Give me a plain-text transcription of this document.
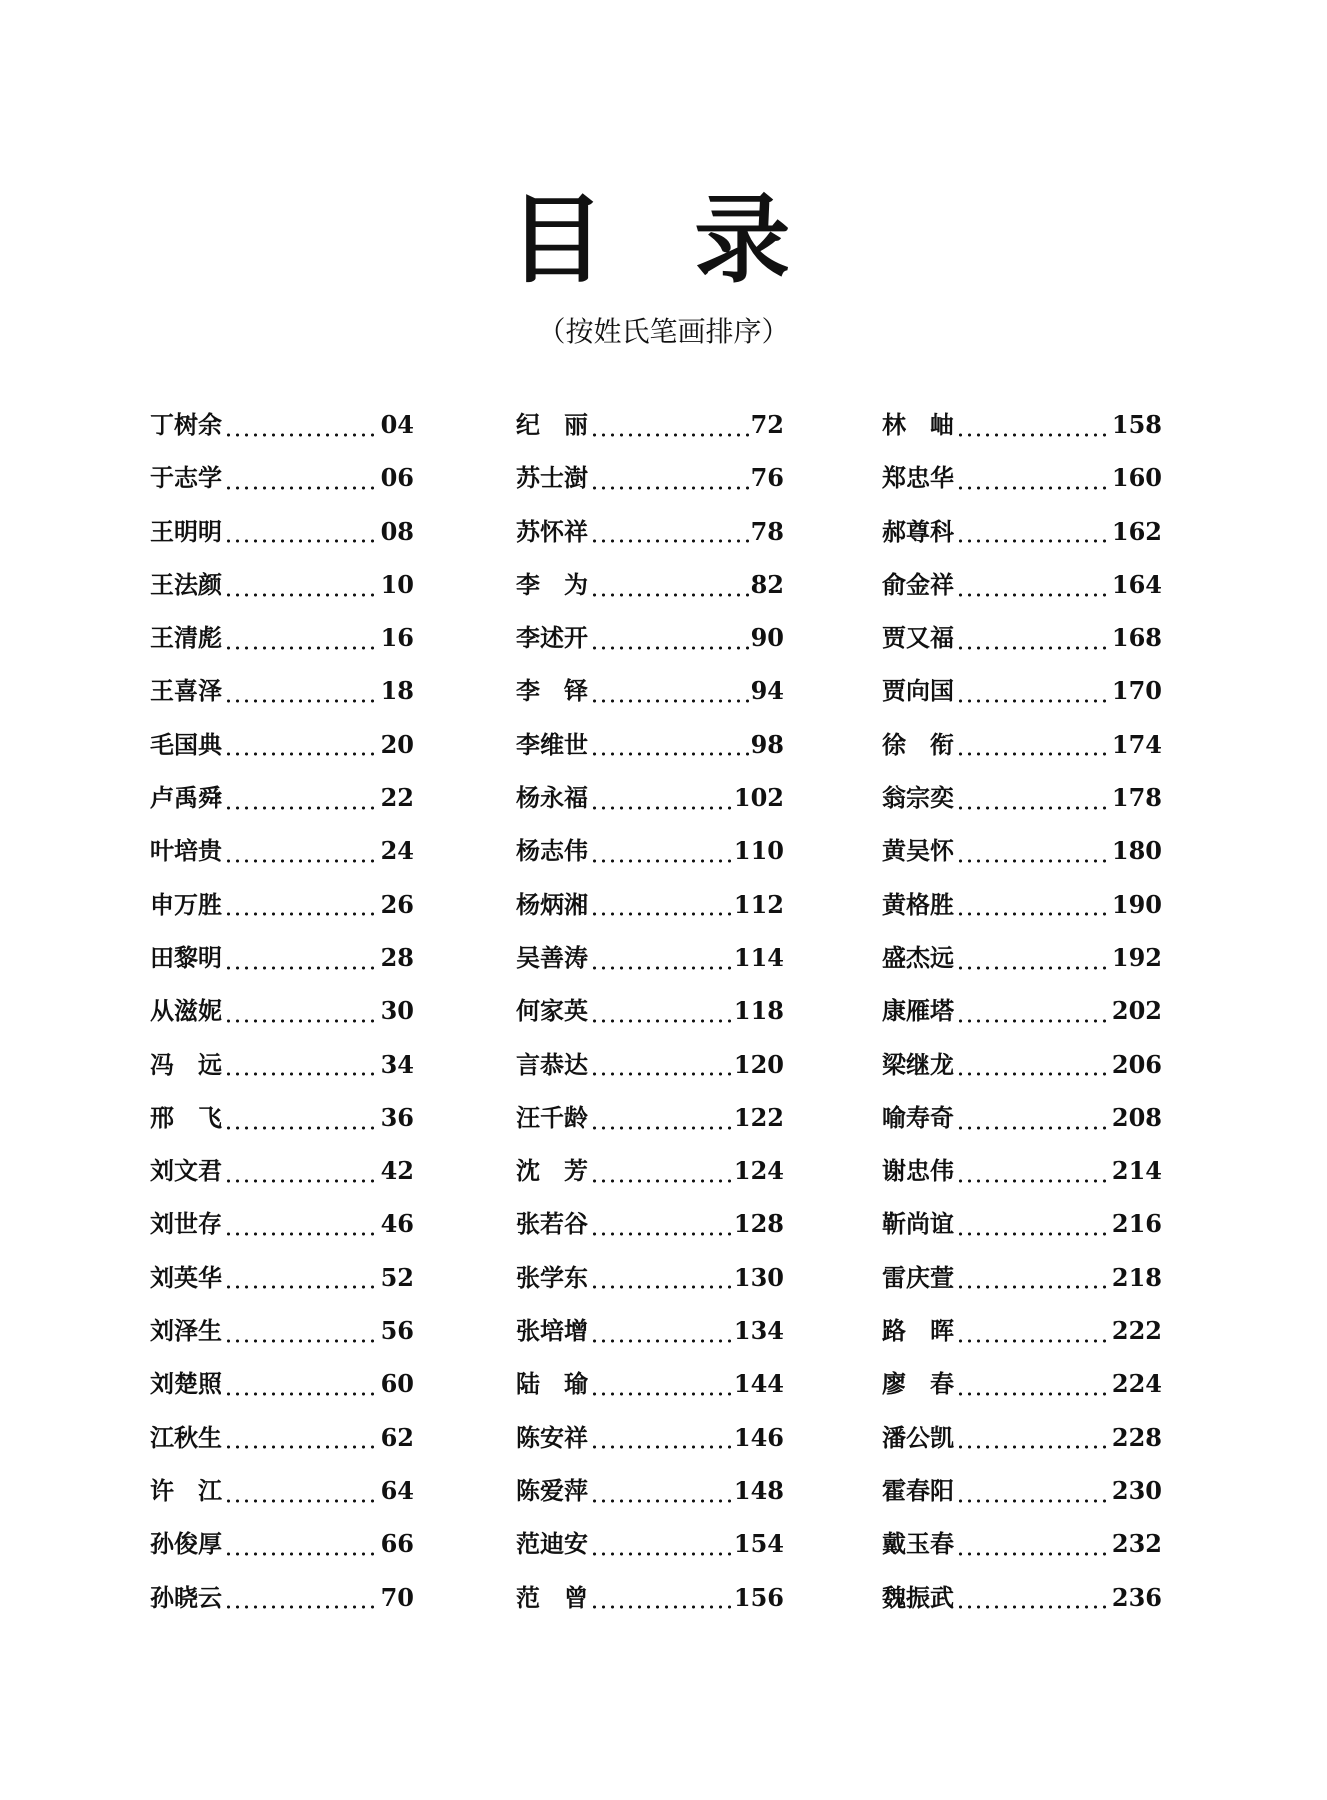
目 录
（按姓氏笔画排序）
丁树余	04
于志学	06
王明明	08
王法颜	10
王清彪	16
王喜泽	18
毛国典	20
卢禹舜	22
叶培贵	24
申万胜	26
田黎明	28
从滋妮	30
冯　远	34
邢　飞	36
刘文君	42
刘世存	46
刘英华	52
刘泽生	56
刘楚照	60
江秋生	62
许　江	64
孙俊厚	66
孙晓云	70
纪　丽	72
苏士澍	76
苏怀祥	78
李　为	82
李述开	90
李　铎	94
李维世	98
杨永福	102
杨志伟	110
杨炳湘	112
吴善涛	114
何家英	118
言恭达	120
汪千龄	122
沈　芳	124
张若谷	128
张学东	130
张培增	134
陆　瑜	144
陈安祥	146
陈爱萍	148
范迪安	154
范　曾	156
林　岫	158
郑忠华	160
郝尊科	162
俞金祥	164
贾又福	168
贾向国	170
徐　衔	174
翁宗奕	178
黄吴怀	180
黄格胜	190
盛杰远	192
康雁塔	202
梁继龙	206
喻寿奇	208
谢忠伟	214
靳尚谊	216
雷庆萱	218
路　晖	222
廖　春	224
潘公凯	228
霍春阳	230
戴玉春	232
魏振武	236
